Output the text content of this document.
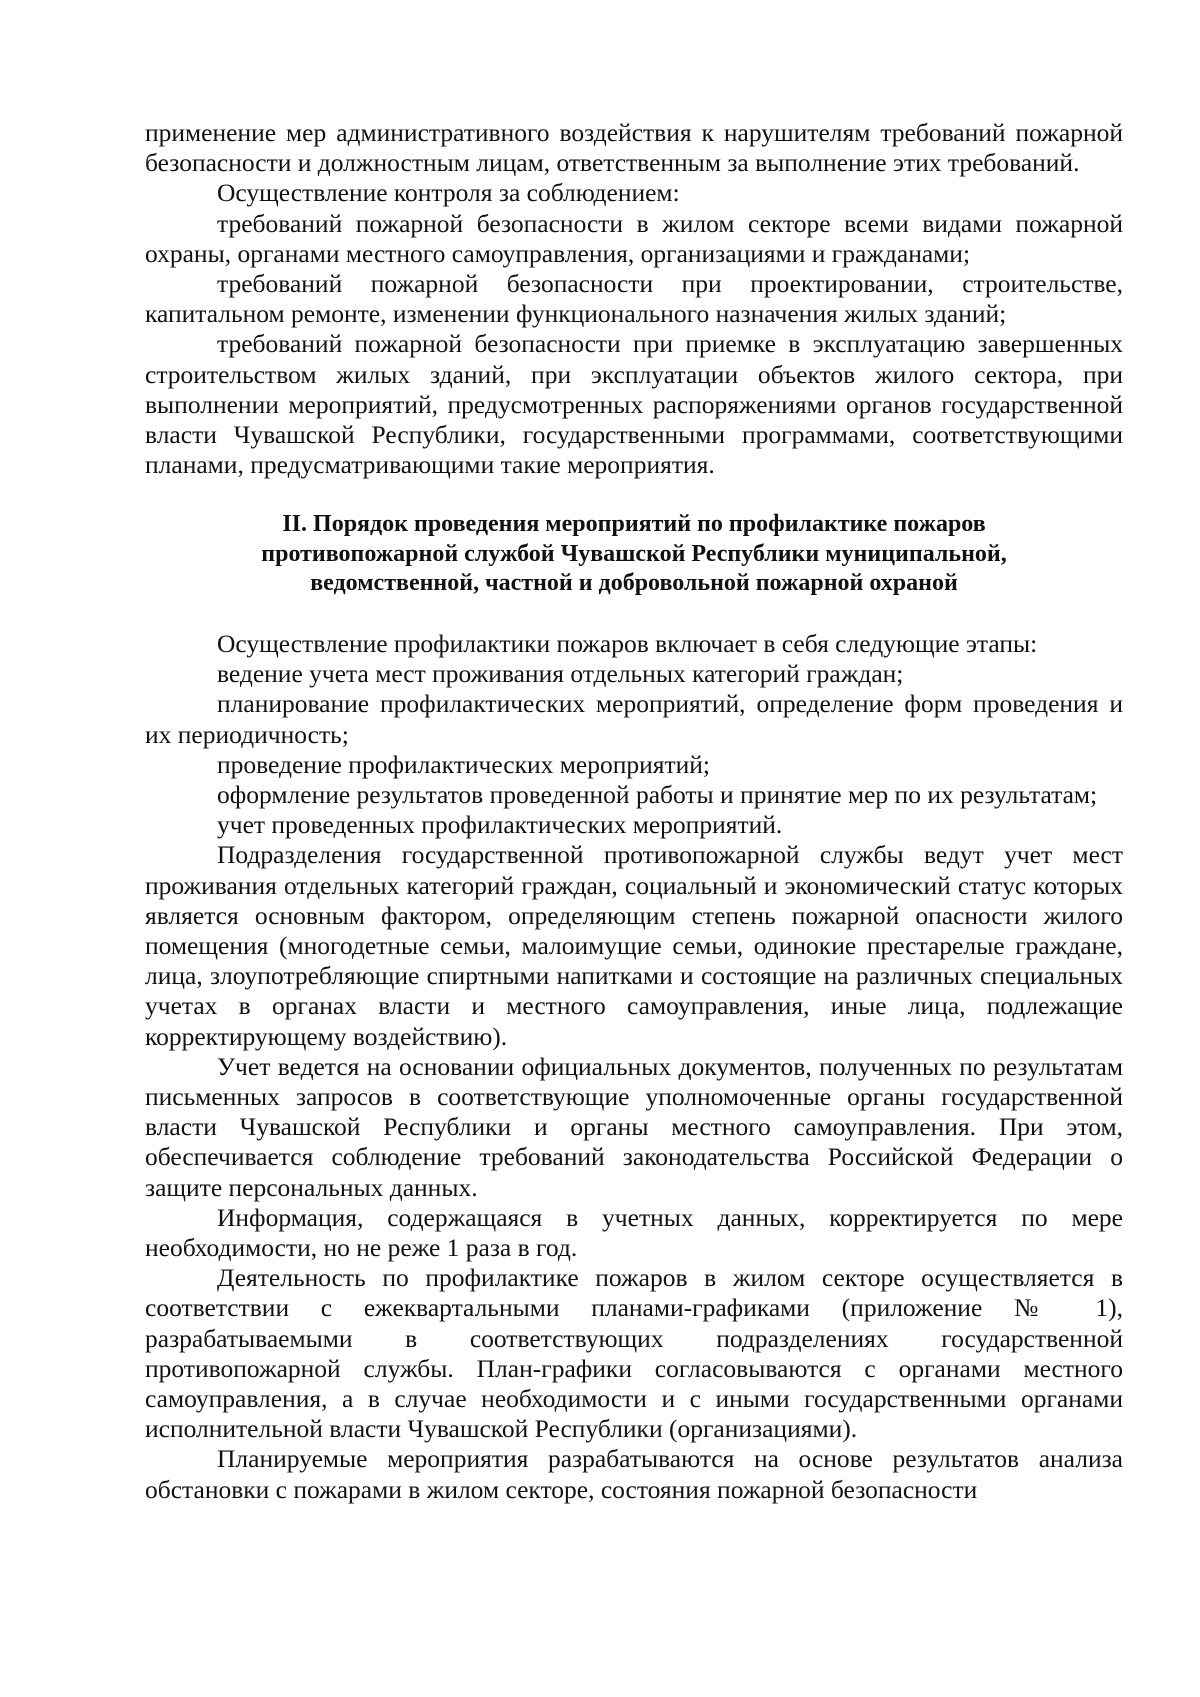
применение мер административного воздействия к нарушителям требований пожарной безопасности и должностным лицам, ответственным за выполнение этих требований.

Осуществление контроля за соблюдением:

требований пожарной безопасности в жилом секторе всеми видами пожарной охраны, органами местного самоуправления, организациями и гражданами;

требований пожарной безопасности при проектировании, строительстве, капитальном ремонте, изменении функционального назначения жилых зданий;

требований пожарной безопасности при приемке в эксплуатацию завершенных строительством жилых зданий, при эксплуатации объектов жилого сектора, при выполнении мероприятий, предусмотренных распоряжениями органов государственной власти Чувашской Республики, государственными программами, соответствующими планами, предусматривающими такие мероприятия.

II. Порядок проведения мероприятий по профилактике пожаров
противопожарной службой Чувашской Республики муниципальной,
ведомственной, частной и добровольной пожарной охраной

Осуществление профилактики пожаров включает в себя следующие этапы:

ведение учета мест проживания отдельных категорий граждан;

планирование профилактических мероприятий, определение форм проведения и их периодичность;

проведение профилактических мероприятий;

оформление результатов проведенной работы и принятие мер по их результатам;

учет проведенных профилактических мероприятий.

Подразделения государственной противопожарной службы ведут учет мест проживания отдельных категорий граждан, социальный и экономический статус которых является основным фактором, определяющим степень пожарной опасности жилого помещения (многодетные семьи, малоимущие семьи, одинокие престарелые граждане, лица, злоупотребляющие спиртными напитками и состоящие на различных специальных учетах в органах власти и местного самоуправления, иные лица, подлежащие корректирующему воздействию).

Учет ведется на основании официальных документов, полученных по результатам письменных запросов в соответствующие уполномоченные органы государственной власти Чувашской Республики и органы местного самоуправления. При этом, обеспечивается соблюдение требований законодательства Российской Федерации о защите персональных данных.

Информация, содержащаяся в учетных данных, корректируется по мере необходимости, но не реже 1 раза в год.

Деятельность по профилактике пожаров в жилом секторе осуществляется в соответствии с ежеквартальными планами-графиками (приложение № 1), разрабатываемыми в соответствующих подразделениях государственной противопожарной службы. План-графики согласовываются с органами местного самоуправления, а в случае необходимости и с иными государственными органами исполнительной власти Чувашской Республики (организациями).

Планируемые мероприятия разрабатываются на основе результатов анализа обстановки с пожарами в жилом секторе, состояния пожарной безопасности
